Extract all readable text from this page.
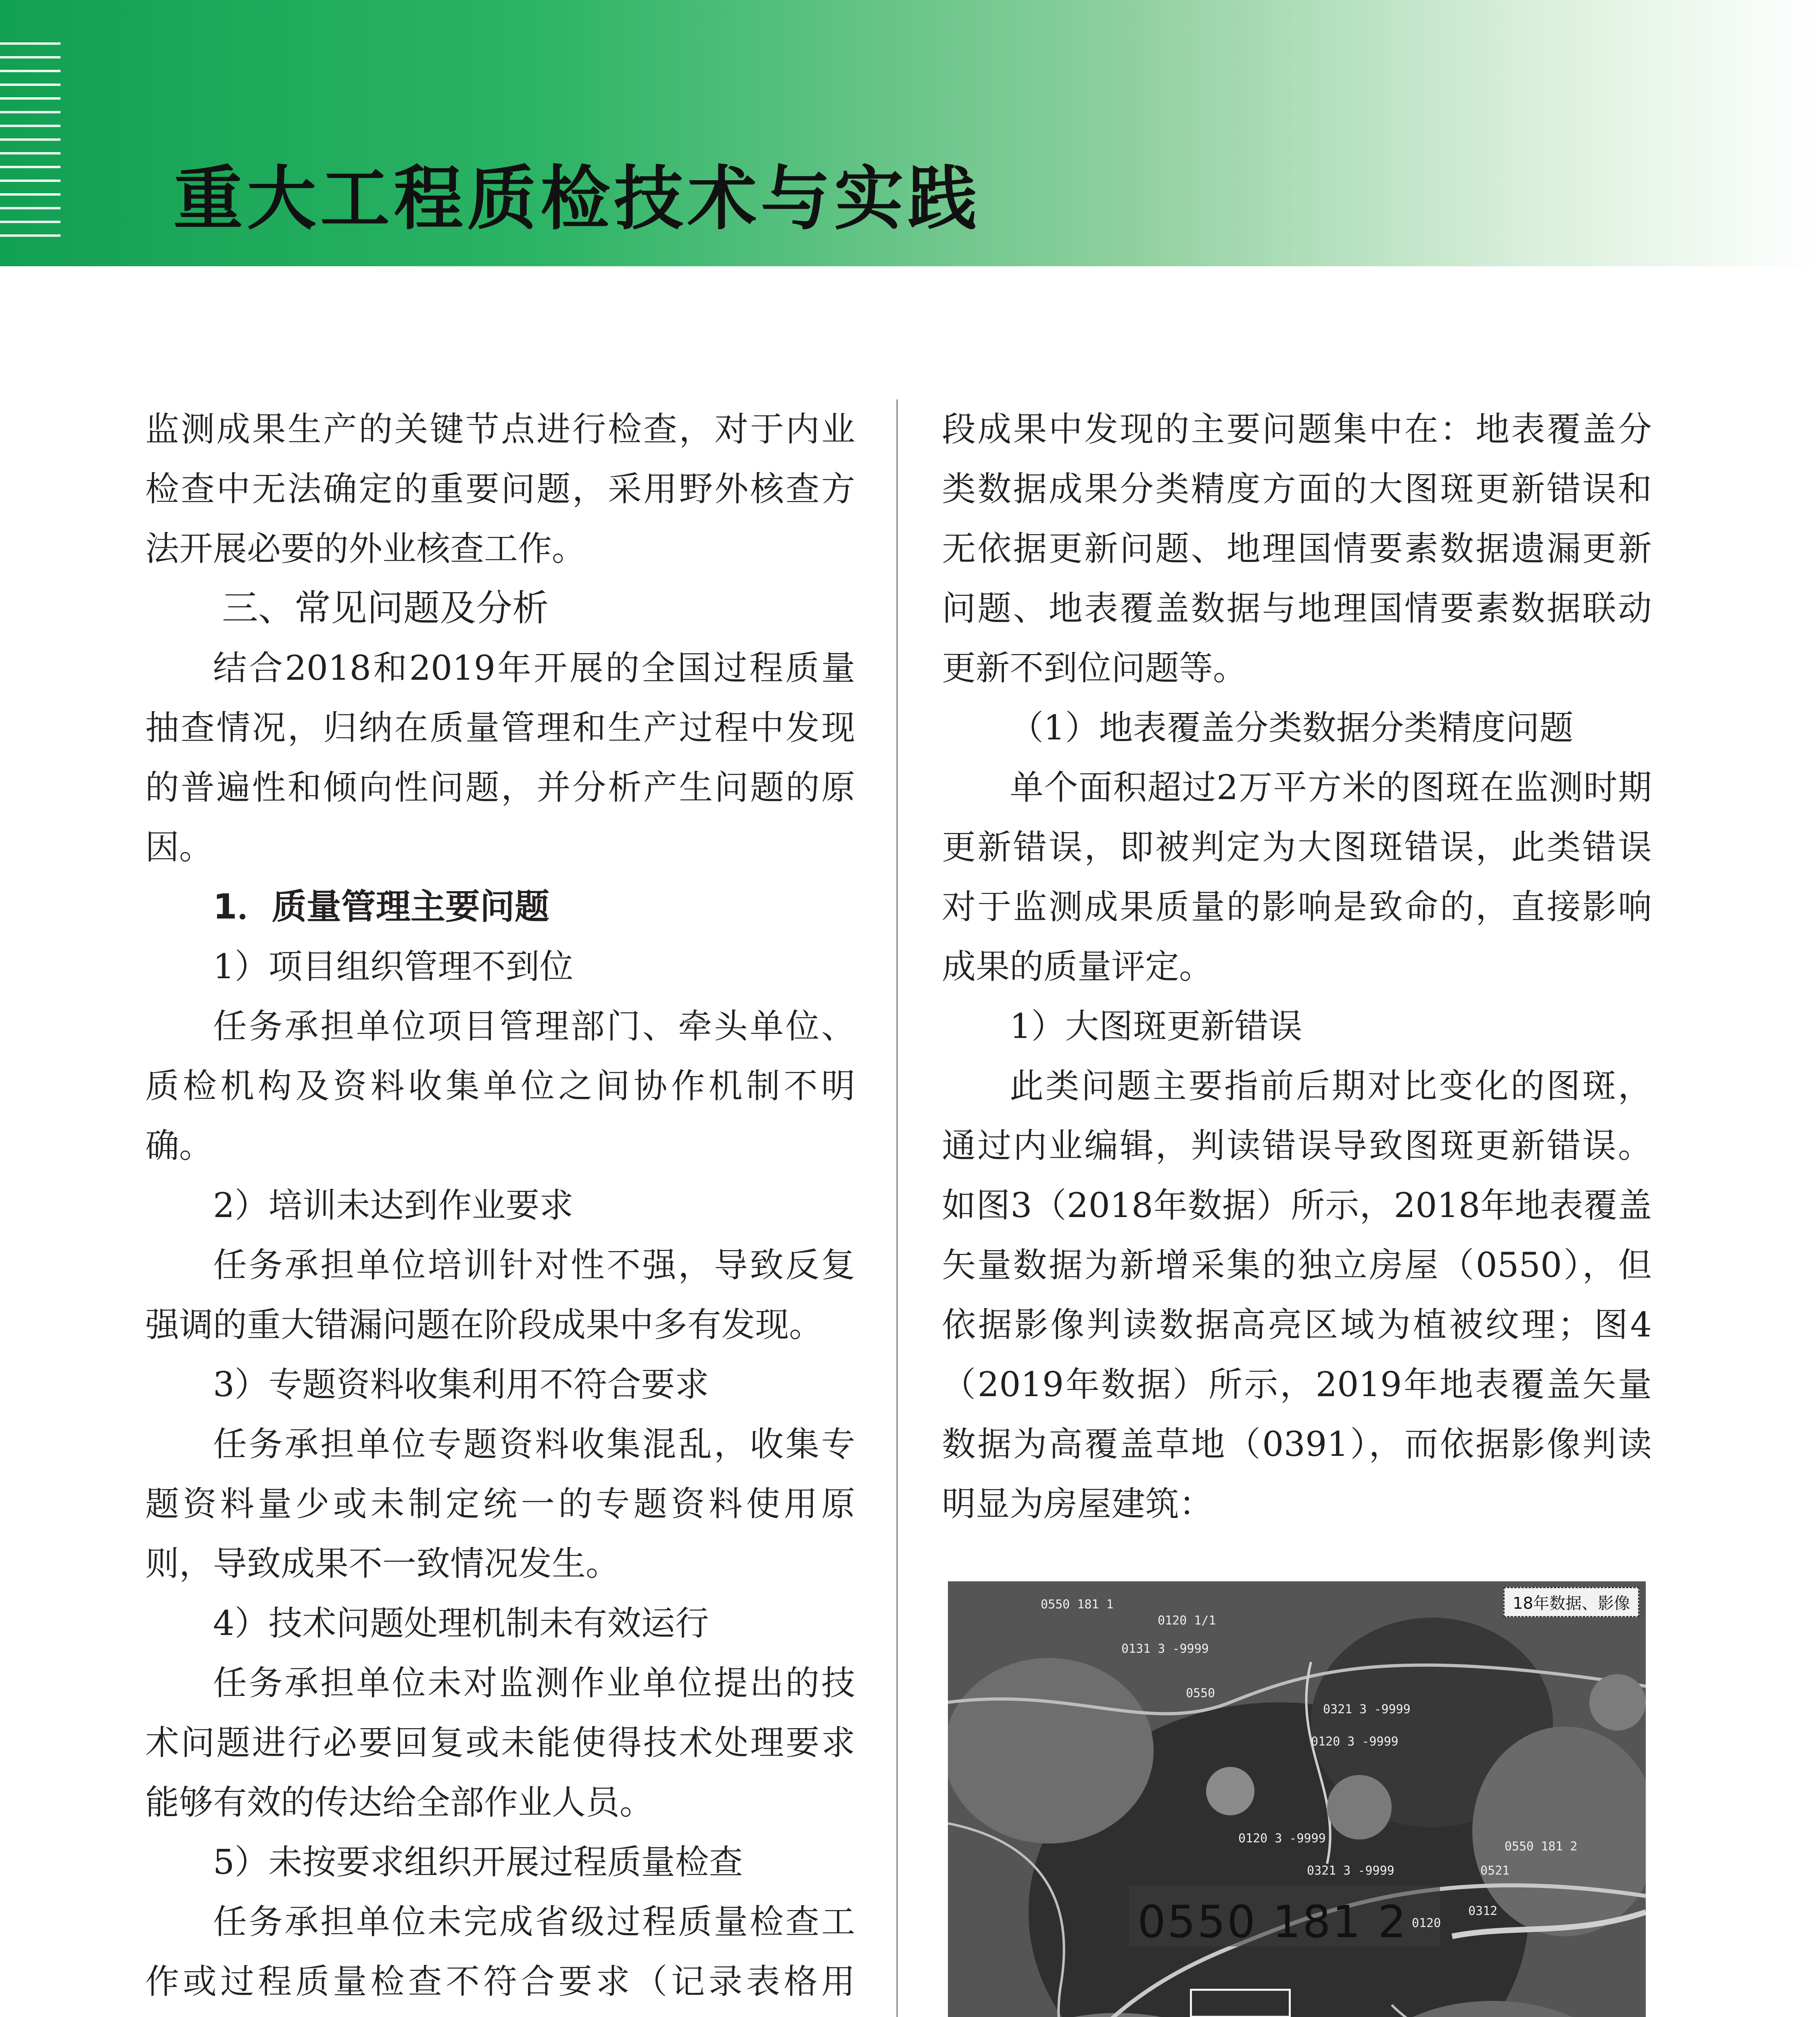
重大工程质检技术与实践

监测成果生产的关键节点进行检查，对于内业检查中无法确定的重要问题，采用野外核查方法开展必要的外业核查工作。

三、常见问题及分析

结合2018和2019年开展的全国过程质量抽查情况，归纳在质量管理和生产过程中发现的普遍性和倾向性问题，并分析产生问题的原因。

1．质量管理主要问题

1）项目组织管理不到位

任务承担单位项目管理部门、牵头单位、质检机构及资料收集单位之间协作机制不明确。

2）培训未达到作业要求

任务承担单位培训针对性不强，导致反复强调的重大错漏问题在阶段成果中多有发现。

3）专题资料收集利用不符合要求

任务承担单位专题资料收集混乱，收集专题资料量少或未制定统一的专题资料使用原则，导致成果不一致情况发生。

4）技术问题处理机制未有效运行

任务承担单位未对监测作业单位提出的技术问题进行必要回复或未能使得技术处理要求能够有效的传达给全部作业人员。

5）未按要求组织开展过程质量检查

任务承担单位未完成省级过程质量检查工作或过程质量检查不符合要求（记录表格用

段成果中发现的主要问题集中在：地表覆盖分类数据成果分类精度方面的大图斑更新错误和无依据更新问题、地理国情要素数据遗漏更新问题、地表覆盖数据与地理国情要素数据联动更新不到位问题等。

（1）地表覆盖分类数据分类精度问题

单个面积超过2万平方米的图斑在监测时期更新错误，即被判定为大图斑错误，此类错误对于监测成果质量的影响是致命的，直接影响成果的质量评定。

1）大图斑更新错误

此类问题主要指前后期对比变化的图斑，通过内业编辑，判读错误导致图斑更新错误。如图3（2018年数据）所示，2018年地表覆盖矢量数据为新增采集的独立房屋（0550），但依据影像判读数据高亮区域为植被纹理；图4（2019年数据）所示，2019年地表覆盖矢量数据为高覆盖草地（0391），而依据影像判读明显为房屋建筑：

18年数据、影像
0550 181 2
0550 181 1
0120 1/1
0131 3 -9999
0550
0321 3 -9999
0120 3 -9999
0120 3 -9999
0321 3 -9999	0521
0550 181 2
0120
0312
